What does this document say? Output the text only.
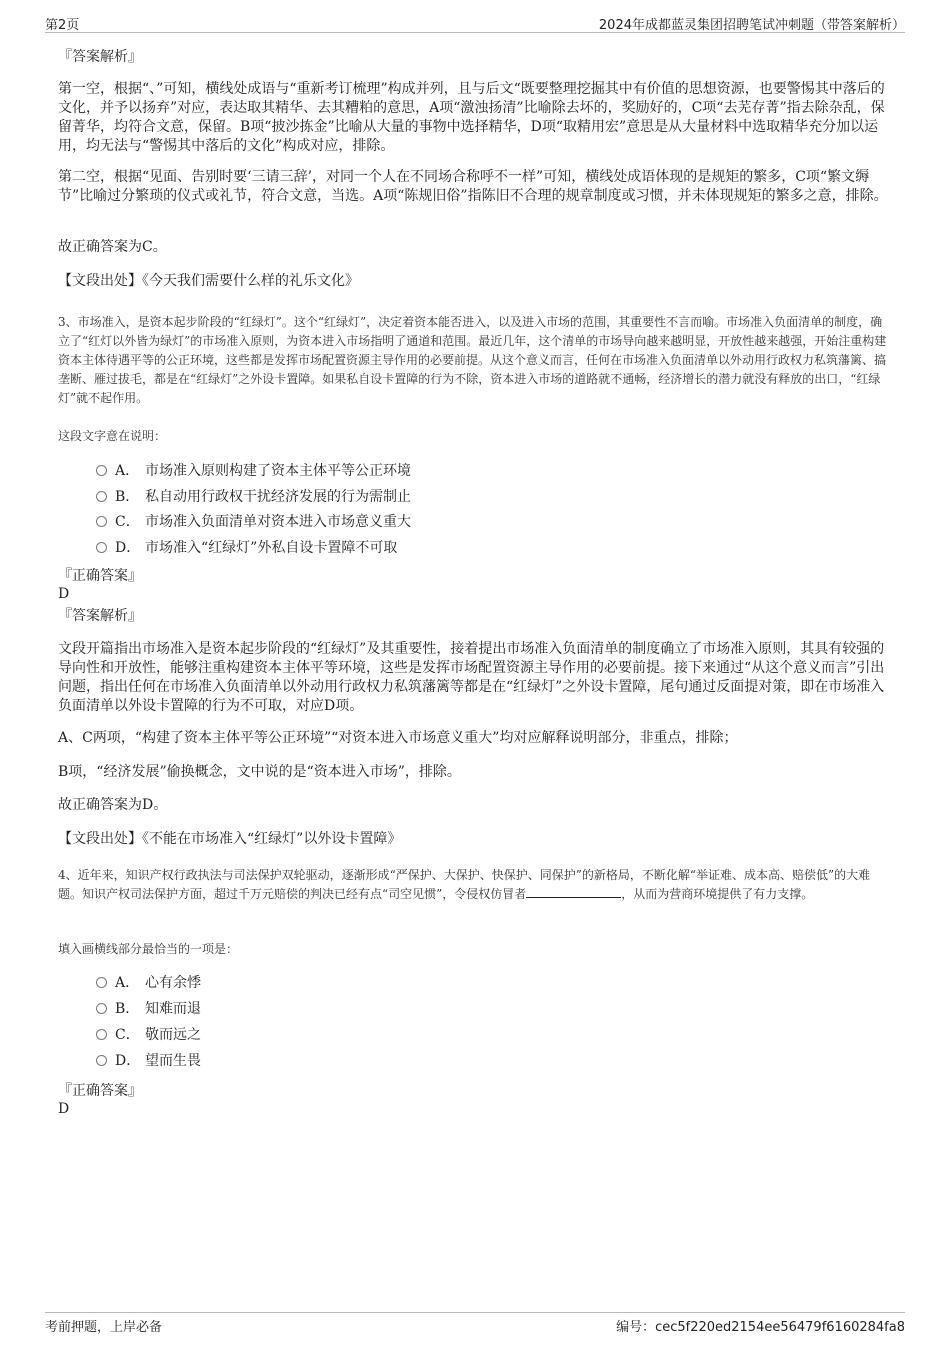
第2页	2024年成都蓝灵集团招聘笔试冲刺题（带答案解析）
『答案解析』
第一空，根据“、”可知，横线处成语与“重新考订梳理”构成并列，且与后文“既要整理挖掘其中有价值的思想资源，也要警惕其中落后的文化，并予以扬弃”对应，表达取其精华、去其糟粕的意思，A项“激浊扬清”比喻除去坏的，奖励好的，C项“去芜存菁”指去除杂乱，保留菁华，均符合文意，保留。B项“披沙拣金”比喻从大量的事物中选择精华，D项“取精用宏”意思是从大量材料中选取精华充分加以运用，均无法与“警惕其中落后的文化”构成对应，排除。
第二空，根据“见面、告别时要‘三请三辞’，对同一个人在不同场合称呼不一样”可知，横线处成语体现的是规矩的繁多，C项“繁文缛节”比喻过分繁琐的仪式或礼节，符合文意，当选。A项“陈规旧俗”指陈旧不合理的规章制度或习惯，并未体现规矩的繁多之意，排除。
故正确答案为C。
【文段出处】《今天我们需要什么样的礼乐文化》
3、市场准入，是资本起步阶段的“红绿灯”。这个“红绿灯”，决定着资本能否进入，以及进入市场的范围，其重要性不言而喻。市场准入负面清单的制度，确立了“红灯以外皆为绿灯”的市场准入原则，为资本进入市场指明了通道和范围。最近几年，这个清单的市场导向越来越明显，开放性越来越强，开始注重构建资本主体待遇平等的公正环境，这些都是发挥市场配置资源主导作用的必要前提。从这个意义而言，任何在市场准入负面清单以外动用行政权力私筑藩篱、搞垄断、雁过拔毛，都是在“红绿灯”之外设卡置障。如果私自设卡置障的行为不除，资本进入市场的道路就不通畅，经济增长的潜力就没有释放的出口，“红绿灯”就不起作用。
这段文字意在说明：
A． 市场准入原则构建了资本主体平等公正环境
B． 私自动用行政权干扰经济发展的行为需制止
C． 市场准入负面清单对资本进入市场意义重大
D． 市场准入“红绿灯”外私自设卡置障不可取
『正确答案』
D
『答案解析』
文段开篇指出市场准入是资本起步阶段的“红绿灯”及其重要性，接着提出市场准入负面清单的制度确立了市场准入原则，其具有较强的导向性和开放性，能够注重构建资本主体平等环境，这些是发挥市场配置资源主导作用的必要前提。接下来通过“从这个意义而言”引出问题，指出任何在市场准入负面清单以外动用行政权力私筑藩篱等都是在“红绿灯”之外设卡置障，尾句通过反面提对策，即在市场准入负面清单以外设卡置障的行为不可取，对应D项。
A、C两项，“构建了资本主体平等公正环境”“对资本进入市场意义重大”均对应解释说明部分，非重点，排除；
B项，“经济发展”偷换概念，文中说的是“资本进入市场”，排除。
故正确答案为D。
【文段出处】《不能在市场准入“红绿灯”以外设卡置障》
4、近年来，知识产权行政执法与司法保护双轮驱动，逐渐形成“严保护、大保护、快保护、同保护”的新格局，不断化解“举证难、成本高、赔偿低”的大难题。知识产权司法保护方面，超过千万元赔偿的判决已经有点“司空见惯”，令侵权仿冒者	，从而为营商环境提供了有力支撑。
填入画横线部分最恰当的一项是：
A． 心有余悸
B． 知难而退
C． 敬而远之
D． 望而生畏
『正确答案』
D
考前押题，上岸必备	编号：cec5f220ed2154ee56479f6160284fa8
